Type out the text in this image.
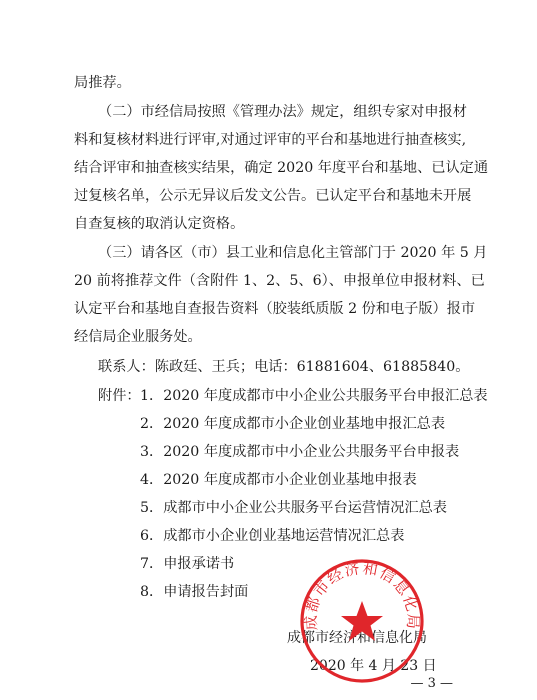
局推荐。
（二）市经信局按照《管理办法》规定，组织专家对申报材
料和复核材料进行评审,对通过评审的平台和基地进行抽查核实,
结合评审和抽查核实结果，确定 2020 年度平台和基地、已认定通
过复核名单，公示无异议后发文公告。已认定平台和基地未开展
自查复核的取消认定资格。
（三）请各区（市）县工业和信息化主管部门于 2020 年 5 月
20 前将推荐文件（含附件 1、2、5、6）、申报单位申报材料、已
认定平台和基地自查报告资料（胶装纸质版 2 份和电子版）报市
经信局企业服务处。
联系人：陈政廷、王兵；电话：61881604、61885840。
附件： 1．2020 年度成都市中小企业公共服务平台申报汇总表
2．2020 年度成都市小企业创业基地申报汇总表
3．2020 年度成都市中小企业公共服务平台申报表
4．2020 年度成都市小企业创业基地申报表
5．成都市中小企业公共服务平台运营情况汇总表
6．成都市小企业创业基地运营情况汇总表
7．申报承诺书
8．申请报告封面
成都市经济和信息化局
2020 年 4 月 23 日
成都市经济和信息化局
— 3 —
